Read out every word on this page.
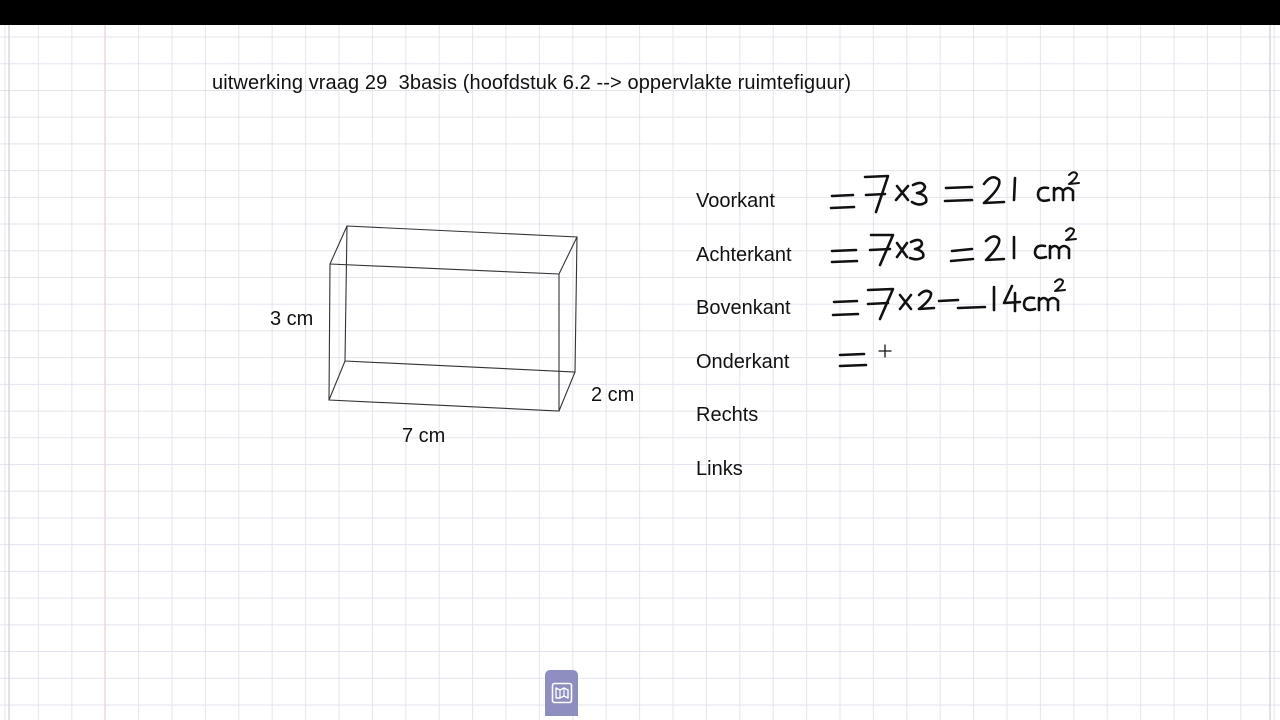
uitwerking vraag 29  3basis (hoofdstuk 6.2 --> oppervlakte ruimtefiguur)
3 cm
2 cm
7 cm
Voorkant
Achterkant
Bovenkant
Onderkant
Rechts
Links
